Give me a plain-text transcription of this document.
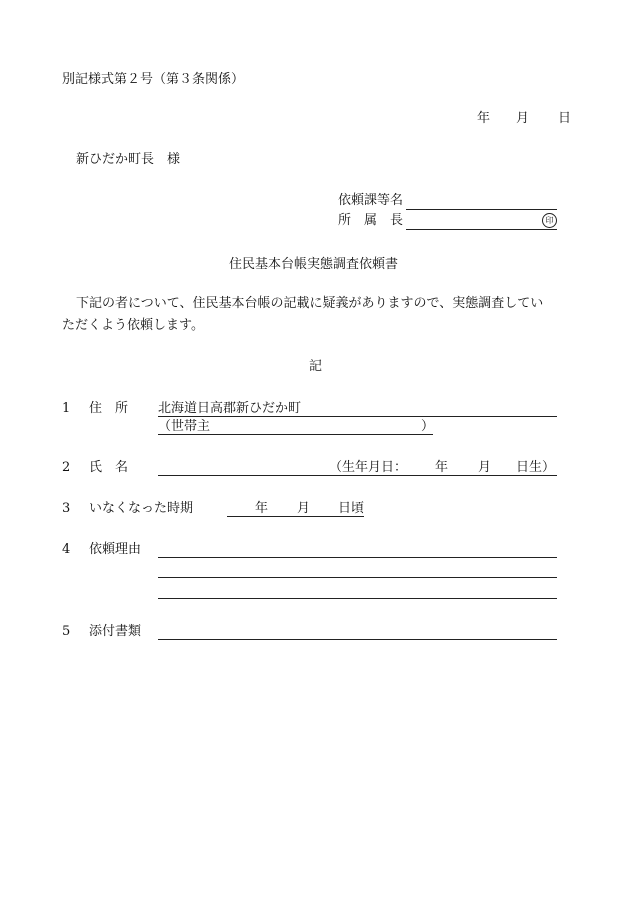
別記様式第２号（第３条関係）
年 月 日
新ひだか町長　様
依頼課等名
所属長	印
住民基本台帳実態調査依頼書
下記の者について、住民基本台帳の記載に疑義がありますので、実態調査してい
ただくよう依頼します。
記
1 住　所 北海道日高郡新ひだか町
（世帯主	）
2 氏　名	（生年月日： 年 月 日生）
3 いなくなった時期	年 月 日頃
4 依頼理由
5 添付書類
